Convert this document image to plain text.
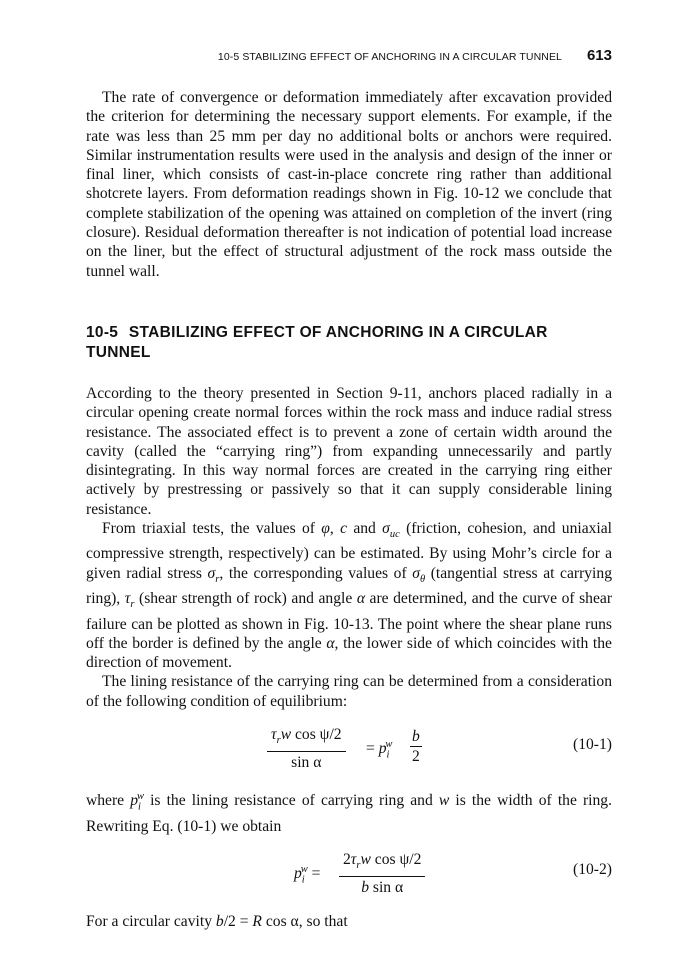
10-5 STABILIZING EFFECT OF ANCHORING IN A CIRCULAR TUNNEL 613

The rate of convergence or deformation immediately after excavation provided the criterion for determining the necessary support elements. For example, if the rate was less than 25 mm per day no additional bolts or anchors were required. Similar instrumentation results were used in the analysis and design of the inner or final liner, which consists of cast-in-place concrete ring rather than additional shotcrete layers. From deformation readings shown in Fig. 10-12 we conclude that complete stabilization of the opening was attained on completion of the invert (ring closure). Residual deformation thereafter is not indication of potential load increase on the liner, but the effect of structural adjustment of the rock mass outside the tunnel wall.

10-5 STABILIZING EFFECT OF ANCHORING IN A CIRCULAR TUNNEL

According to the theory presented in Section 9-11, anchors placed radially in a circular opening create normal forces within the rock mass and induce radial stress resistance. The associated effect is to prevent a zone of certain width around the cavity (called the “carrying ring”) from expanding unnecessarily and partly disintegrating. In this way normal forces are created in the carrying ring either actively by prestressing or passively so that it can supply considerable lining resistance.

From triaxial tests, the values of φ, c and $\sigma_{uc}$ (friction, cohesion, and uniaxial compressive strength, respectively) can be estimated. By using Mohr’s circle for a given radial stress $\sigma_r$, the corresponding values of $\sigma_\theta$ (tangential stress at carrying ring), $\tau_r$ (shear strength of rock) and angle α are determined, and the curve of shear failure can be plotted as shown in Fig. 10-13. The point where the shear plane runs off the border is defined by the angle α, the lower side of which coincides with the direction of movement.

The lining resistance of the carrying ring can be determined from a consideration of the following condition of equilibrium:

$\tau_rw$ cos ψ/2
sin α
= $p_i^w \frac{b}{2}$	(10-1)

where $p_i^w$ is the lining resistance of carrying ring and w is the width of the ring. Rewriting Eq. (10-1) we obtain

$p_i^w$ =
$2\tau_rw$ cos ψ/2
b sin α
(10-2)

For a circular cavity b/2 = R cos α, so that
